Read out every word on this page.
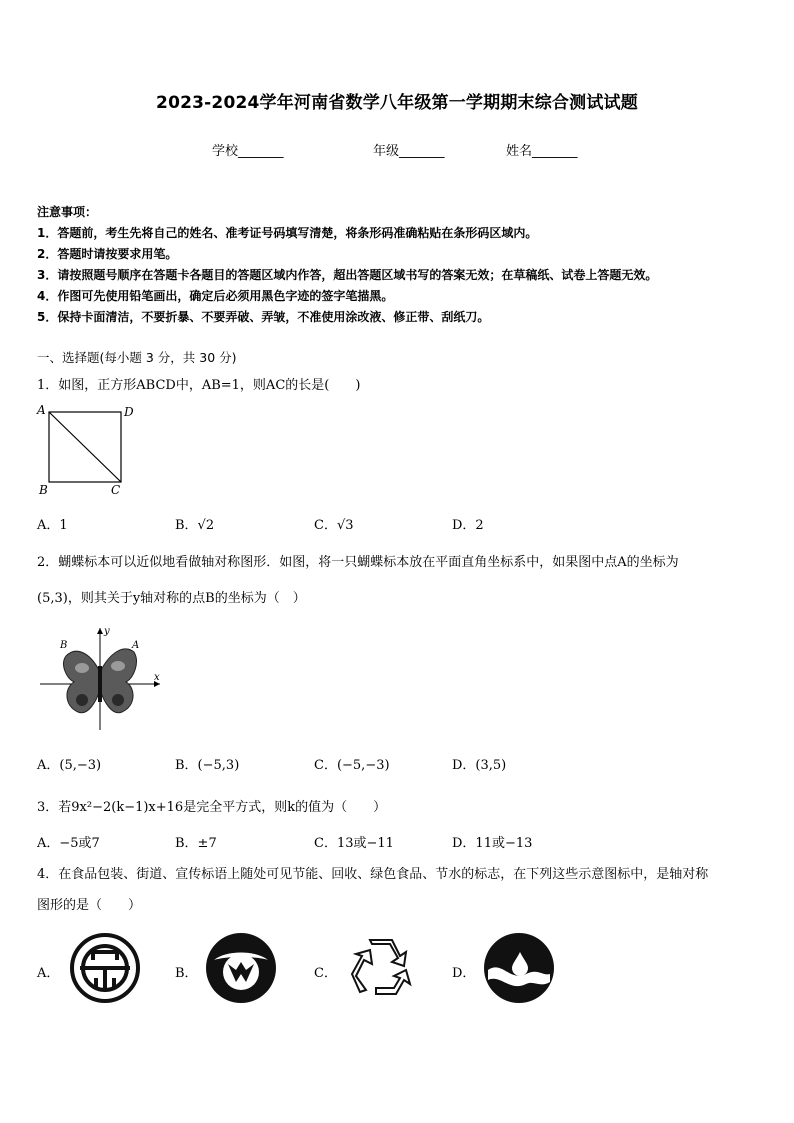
2023-2024学年河南省数学八年级第一学期期末综合测试试题
学校_______	年级_______	姓名_______
注意事项：
1．答题前，考生先将自己的姓名、准考证号码填写清楚，将条形码准确粘贴在条形码区域内。
2．答题时请按要求用笔。
3．请按照题号顺序在答题卡各题目的答题区域内作答，超出答题区域书写的答案无效；在草稿纸、试卷上答题无效。
4．作图可先使用铅笔画出，确定后必须用黑色字迹的签字笔描黑。
5．保持卡面清洁，不要折暴、不要弄破、弄皱，不准使用涂改液、修正带、刮纸刀。
一、选择题(每小题 3 分，共 30 分)
1．如图，正方形ABCD中，AB=1，则AC的长是(　　)
A	D
B	C
A．1	B．√2	C．√3	D．2
2．蝴蝶标本可以近似地看做轴对称图形．如图，将一只蝴蝶标本放在平面直角坐标系中，如果图中点A的坐标为
(5,3)，则其关于y轴对称的点B的坐标为（　）
B	A
y
x
A．(5,−3)	B．(−5,3)	C．(−5,−3)	D．(3,5)
3．若9x²−2(k−1)x+16是完全平方式，则k的值为（　　）
A．−5或7	B．±7	C．13或−11	D．11或−13
4．在食品包装、街道、宣传标语上随处可见节能、回收、绿色食品、节水的标志，在下列这些示意图标中，是轴对称
图形的是（　　）
A．	B．	C．	D．
